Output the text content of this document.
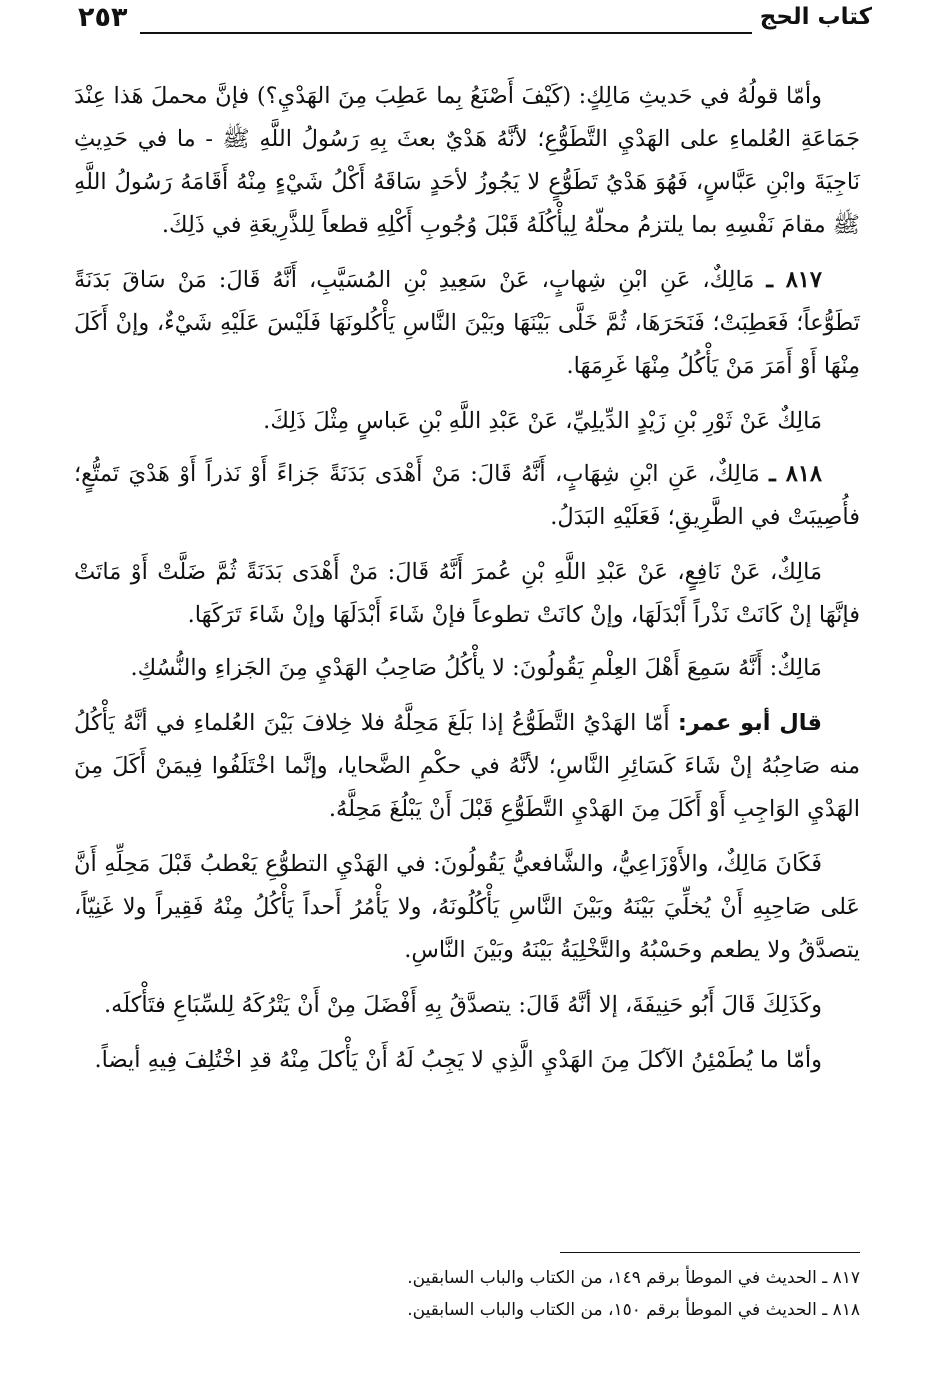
كتاب الحج
٢٥٣

وأمّا قولُهُ في حَديثِ مَالِكٍ: (كَيْفَ أَصْنَعُ بِما عَطِبَ مِنَ الهَدْيِ؟) فإنَّ محملَ هَذا عِنْدَ جَمَاعَةِ العُلماءِ على الهَدْيِ التَّطَوُّعِ؛ لأنَّهُ هَدْيٌ بعثَ بِهِ رَسُولُ اللَّهِ ﷺ - ما في حَدِيثِ نَاجِيَةَ وابْنِ عَبَّاسٍ، فَهُوَ هَدْيُ تَطَوُّعٍ لا يَجُوزُ لأحَدٍ سَاقَهُ أَكْلُ شَيْءٍ مِنْهُ أَقَامَهُ رَسُولُ اللَّهِ ﷺ مقامَ نَفْسِهِ بما يلتزمُ محلّهُ لِيأْكُلَهُ قَبْلَ وُجُوبِ أَكْلِهِ قطعاً لِلذَّرِيعَةِ في ذَلِكَ.

٨١٧ ـ مَالِكٌ، عَنِ ابْنِ شِهابٍ، عَنْ سَعِيدِ بْنِ المُسَيَّبِ، أَنَّهُ قَالَ: مَنْ سَاقَ بَدَنَةً تَطَوُّعاً؛ فَعَطِبَتْ؛ فَنَحَرَهَا، ثُمَّ خَلَّى بَيْنَهَا وبَيْنَ النَّاسِ يَأْكُلونَهَا فَلَيْسَ عَلَيْهِ شَيْءٌ، وإنْ أَكَلَ مِنْهَا أَوْ أَمَرَ مَنْ يَأْكُلُ مِنْهَا غَرِمَهَا.

مَالِكٌ عَنْ ثَوْرِ بْنِ زَيْدٍ الدِّيلِيِّ، عَنْ عَبْدِ اللَّهِ بْنِ عَباسٍ مِثْلَ ذَلِكَ.

٨١٨ ـ مَالِكٌ، عَنِ ابْنِ شِهَابٍ، أَنَّهُ قَالَ: مَنْ أَهْدَى بَدَنَةً جَزاءً أَوْ نَذراً أَوْ هَدْيَ تَمتُّعٍ؛ فأُصِيبَتْ في الطَّرِيقِ؛ فَعَلَيْهِ البَدَلُ.

مَالِكٌ، عَنْ نَافِعٍ، عَنْ عَبْدِ اللَّهِ بْنِ عُمرَ أَنَّهُ قَالَ: مَنْ أَهْدَى بَدَنَةً ثُمَّ ضَلَّتْ أَوْ مَاتَتْ فإنَّهَا إنْ كَانَتْ نَذْراً أَبْدَلَهَا، وإنْ كانَتْ تطوعاً فإنْ شَاءَ أَبْدَلَهَا وإنْ شَاءَ تَرَكَهَا.

مَالِكٌ: أَنَّهُ سَمِعَ أَهْلَ العِلْمِ يَقُولُونَ: لا يأْكُلُ صَاحِبُ الهَدْيِ مِنَ الجَزاءِ والنُّسُكِ.

قال أبو عمر: أَمّا الهَدْيُ التَّطَوُّعُ إذا بَلَغَ مَحِلَّهُ فلا خِلافَ بَيْنَ العُلماءِ في أنَّهُ يَأْكُلُ منه صَاحِبُهُ إنْ شَاءَ كَسَائِرِ النَّاسِ؛ لأنَّهُ في حكْمِ الضَّحايا، وإنَّما اخْتَلَفُوا فِيمَنْ أَكَلَ مِنَ الهَدْيِ الوَاجِبِ أَوْ أَكَلَ مِنَ الهَدْيِ التَّطَوُّعِ قَبْلَ أَنْ يَبْلُغَ مَحِلَّهُ.

فَكَانَ مَالِكٌ، والأَوْزَاعِيُّ، والشَّافعيُّ يَقُولُونَ: في الهَدْيِ التطوُّعِ يَعْطبُ قَبْلَ مَحِلِّهِ أَنَّ عَلى صَاحِبِهِ أَنْ يُخلِّيَ بَيْنَهُ وبَيْنَ النَّاسِ يَأْكُلُونَهُ، ولا يَأْمُرُ أَحداً يَأْكُلُ مِنْهُ فَقِيراً ولا غَنِيّاً، يتصدَّقُ ولا يطعم وحَسْبُهُ والتَّخْلِيَةُ بَيْنَهُ وبَيْنَ النَّاسِ.

وكَذَلِكَ قَالَ أَبُو حَنِيفَةَ، إلا أنَّهُ قَالَ: يتصدَّقُ بِهِ أَفْضَلَ مِنْ أَنْ يَتْرُكَهُ لِلسِّبَاعِ فتَأْكلَه.

وأمّا ما يُطَمْئِنُ الآكلَ مِنَ الهَدْيِ الَّذِي لا يَجِبُ لَهُ أَنْ يَأْكلَ مِنْهُ قدِ اخْتُلِفَ فِيهِ أيضاً.

٨١٧ ـ الحديث في الموطأ برقم ١٤٩، من الكتاب والباب السابقين.

٨١٨ ـ الحديث في الموطأ برقم ١٥٠، من الكتاب والباب السابقين.
